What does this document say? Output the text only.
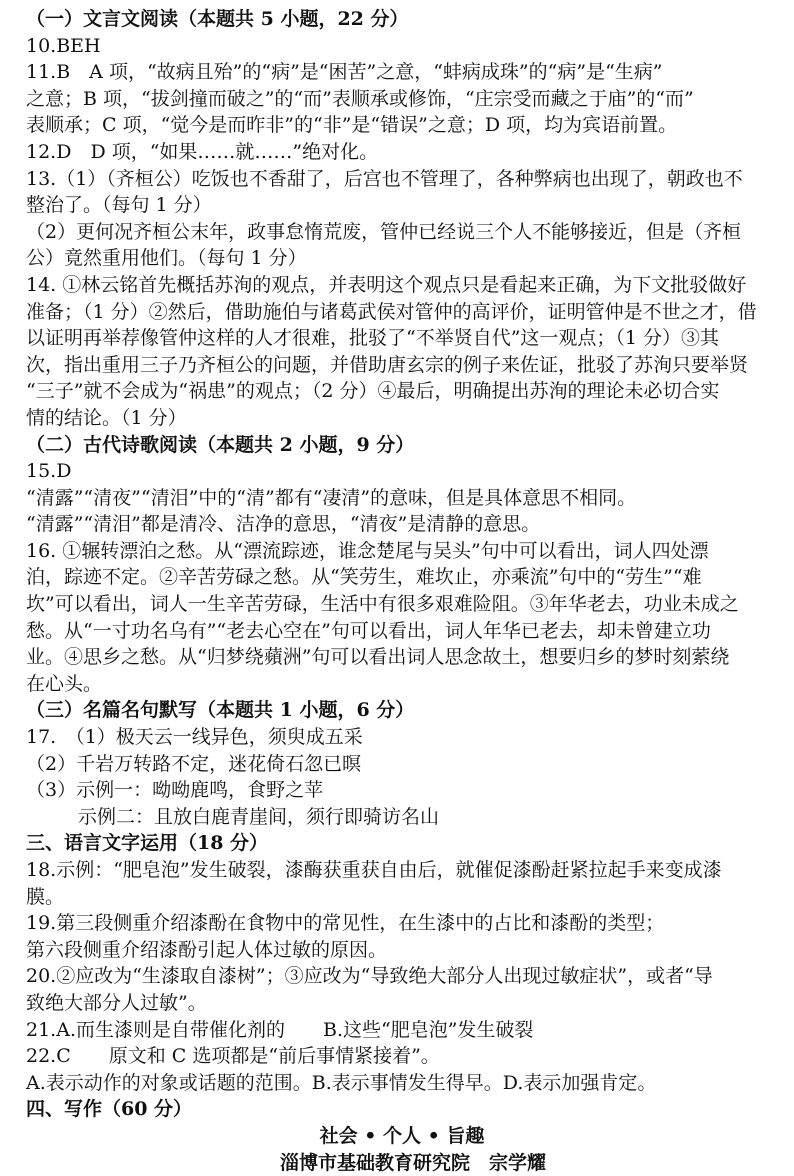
（一）文言文阅读（本题共 5 小题，22 分）
10.BEH
11.B　A 项，“故病且殆”的“病”是“困苦”之意，“蚌病成珠”的“病”是“生病”
之意；B 项，“拔剑撞而破之”的“而”表顺承或修饰，“庄宗受而藏之于庙”的“而”
表顺承；C 项，“觉今是而昨非”的“非”是“错误”之意；D 项，均为宾语前置。
12.D　D 项，“如果……就……”绝对化。
13.（1）（齐桓公）吃饭也不香甜了，后宫也不管理了，各种弊病也出现了，朝政也不
整治了。（每句 1 分）
（2）更何况齐桓公末年，政事怠惰荒废，管仲已经说三个人不能够接近，但是（齐桓
公）竟然重用他们。（每句 1 分）
14. ①林云铭首先概括苏洵的观点，并表明这个观点只是看起来正确，为下文批驳做好
准备；（1 分）②然后，借助施伯与诸葛武侯对管仲的高评价，证明管仲是不世之才，借
以证明再举荐像管仲这样的人才很难，批驳了“不举贤自代”这一观点；（1 分）③其
次，指出重用三子乃齐桓公的问题，并借助唐玄宗的例子来佐证，批驳了苏洵只要举贤
“三子”就不会成为“祸患”的观点；（2 分）④最后，明确提出苏洵的理论未必切合实
情的结论。（1 分）
（二）古代诗歌阅读（本题共 2 小题，9 分）
15.D
“清露”“清夜”“清泪”中的“清”都有“凄清”的意味，但是具体意思不相同。
“清露”“清泪”都是清冷、洁净的意思，“清夜”是清静的意思。
16. ①辗转漂泊之愁。从“漂流踪迹，谁念楚尾与吴头”句中可以看出，词人四处漂
泊，踪迹不定。②辛苦劳碌之愁。从“笑劳生，难坎止，亦乘流”句中的“劳生”“难
坎”可以看出，词人一生辛苦劳碌，生活中有很多艰难险阻。③年华老去，功业未成之
愁。从“一寸功名乌有”“老去心空在”句可以看出，词人年华已老去，却未曾建立功
业。④思乡之愁。从“归梦绕蘋洲”句可以看出词人思念故土，想要归乡的梦时刻萦绕
在心头。
（三）名篇名句默写（本题共 1 小题，6 分）
17.　（1）极天云一线异色，须臾成五采
（2）千岩万转路不定，迷花倚石忽已暝
（3）示例一：呦呦鹿鸣，食野之苹
示例二：且放白鹿青崖间，须行即骑访名山
三、语言文字运用（18 分）
18.示例：“肥皂泡”发生破裂，漆酶获重获自由后，就催促漆酚赶紧拉起手来变成漆
膜。
19.第三段侧重介绍漆酚在食物中的常见性，在生漆中的占比和漆酚的类型；
第六段侧重介绍漆酚引起人体过敏的原因。
20.②应改为“生漆取自漆树”；③应改为“导致绝大部分人出现过敏症状”，或者“导
致绝大部分人过敏”。
21.A.而生漆则是自带催化剂的　　B.这些“肥皂泡”发生破裂
22.C　　原文和 C 选项都是“前后事情紧接着”。
A.表示动作的对象或话题的范围。B.表示事情发生得早。D.表示加强肯定。
四、写作（60 分）
社会 • 个人 • 旨趣
淄博市基础教育研究院　宗学耀
